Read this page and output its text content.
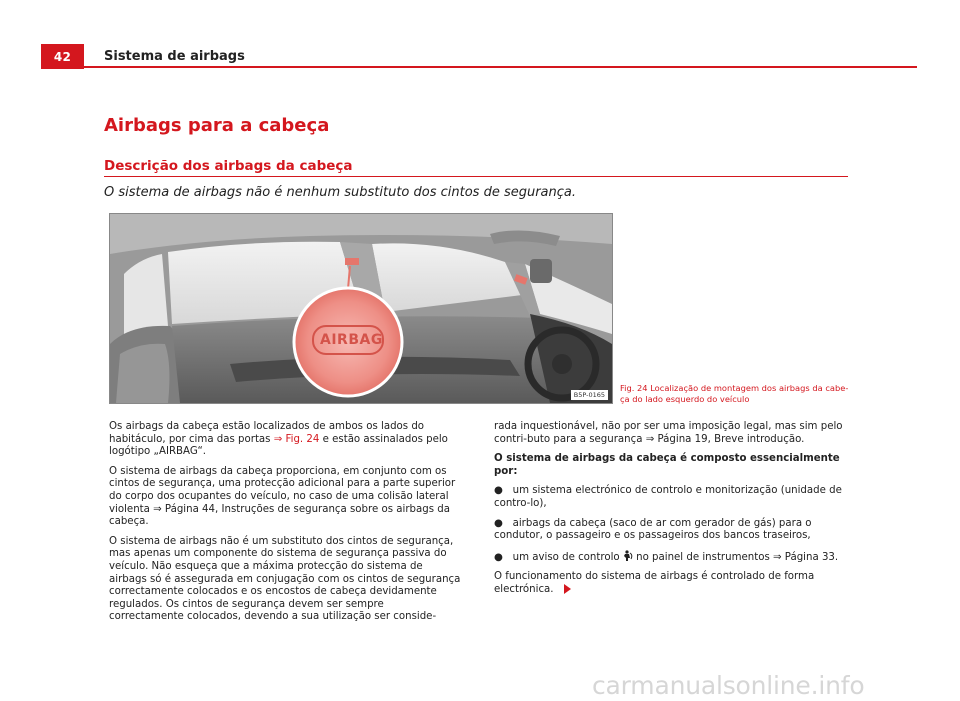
42	Sistema de airbags
Airbags para a cabeça
Descrição dos airbags da cabeça
O sistema de airbags não é nenhum substituto dos cintos de segurança.
AIRBAG
B5P-0165
Fig. 24 Localização de montagem dos airbags da cabe-
ça do lado esquerdo do veículo

Os airbags da cabeça estão localizados de ambos os lados do habitáculo, por cima das portas ⇒ Fig. 24 e estão assinalados pelo logótipo „AIRBAG“.

O sistema de airbags da cabeça proporciona, em conjunto com os cintos de segurança, uma protecção adicional para a parte superior do corpo dos ocupantes do veículo, no caso de uma colisão lateral violenta ⇒ Página 44, Instruções de segurança sobre os airbags da cabeça.

O sistema de airbags não é um substituto dos cintos de segurança, mas apenas um componente do sistema de segurança passiva do veículo. Não esqueça que a máxima protecção do sistema de airbags só é assegurada em conjugação com os cintos de segurança correctamente colocados e os encostos de cabeça devidamente regulados. Os cintos de segurança devem ser sempre correctamente colocados, devendo a sua utilização ser conside-

rada inquestionável, não por ser uma imposição legal, mas sim pelo contri-buto para a segurança ⇒ Página 19, Breve introdução.

O sistema de airbags da cabeça é composto essencialmente por:

● um sistema electrónico de controlo e monitorização (unidade de contro-lo),

● airbags da cabeça (saco de ar com gerador de gás) para o condutor, o passageiro e os passageiros dos bancos traseiros,

● um aviso de controlo  no painel de instrumentos ⇒ Página 33.

O funcionamento do sistema de airbags é controlado de forma electrónica.

carmanualsonline.info
